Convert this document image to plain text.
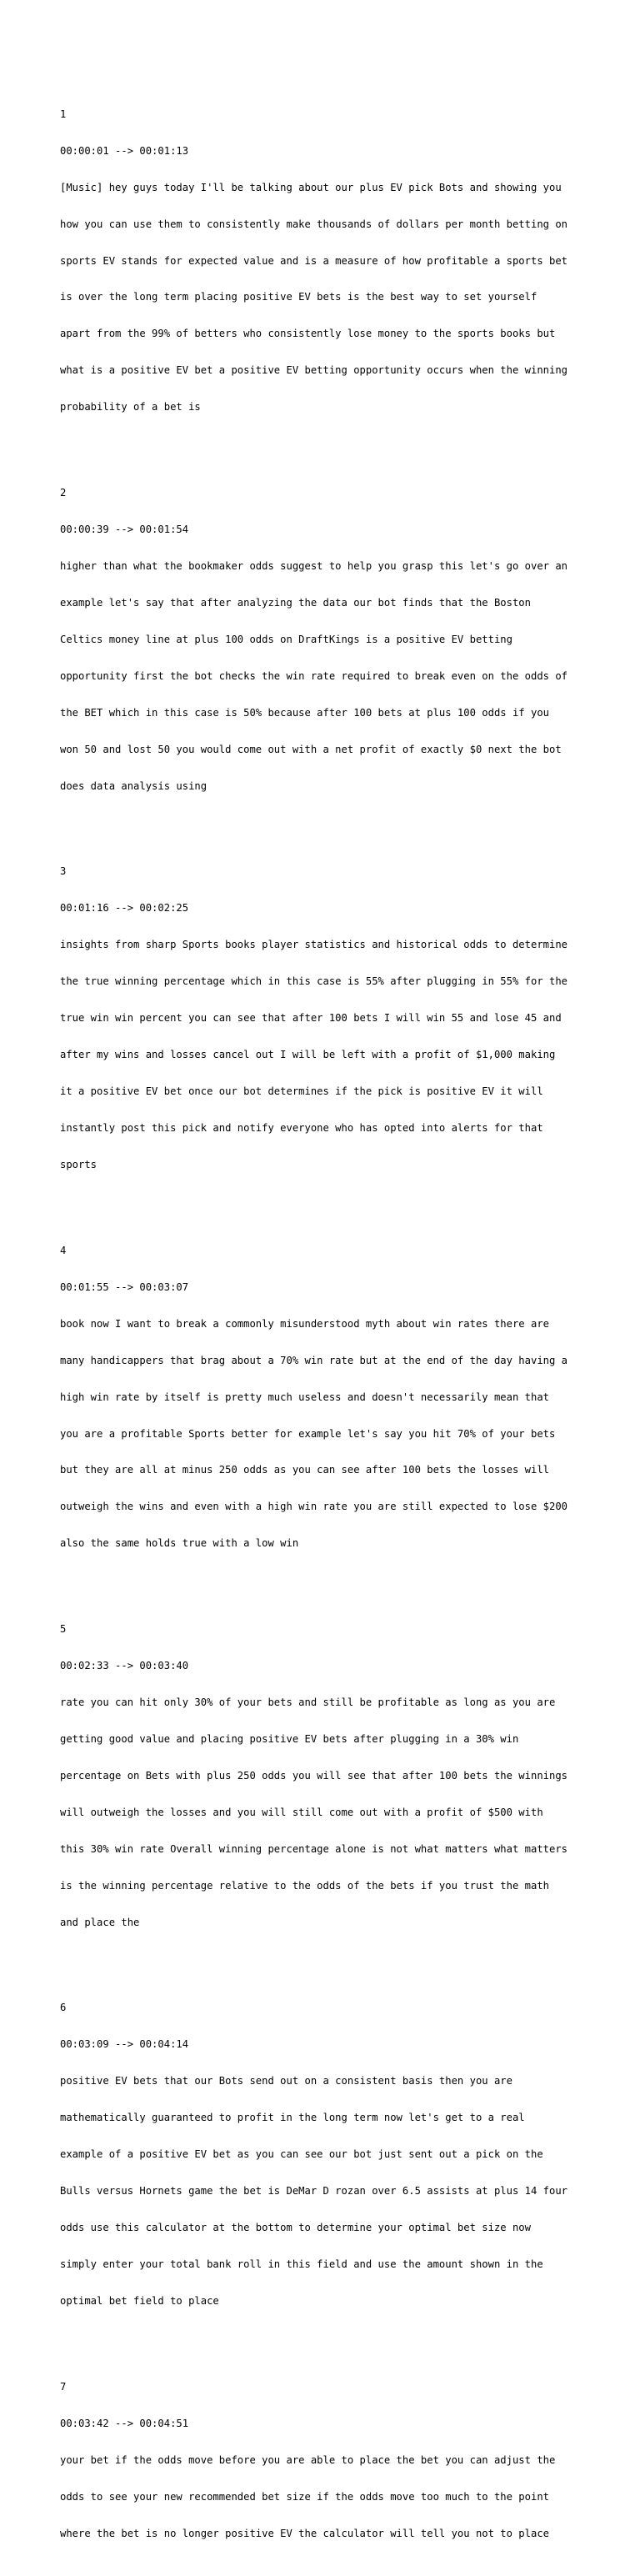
1

00:00:01 --> 00:01:13

[Music] hey guys today I'll be talking about our plus EV pick Bots and showing you

how you can use them to consistently make thousands of dollars per month betting on

sports EV stands for expected value and is a measure of how profitable a sports bet

is over the long term placing positive EV bets is the best way to set yourself

apart from the 99% of betters who consistently lose money to the sports books but

what is a positive EV bet a positive EV betting opportunity occurs when the winning

probability of a bet is

2

00:00:39 --> 00:01:54

higher than what the bookmaker odds suggest to help you grasp this let's go over an

example let's say that after analyzing the data our bot finds that the Boston

Celtics money line at plus 100 odds on DraftKings is a positive EV betting

opportunity first the bot checks the win rate required to break even on the odds of

the BET which in this case is 50% because after 100 bets at plus 100 odds if you

won 50 and lost 50 you would come out with a net profit of exactly $0 next the bot

does data analysis using

3

00:01:16 --> 00:02:25

insights from sharp Sports books player statistics and historical odds to determine

the true winning percentage which in this case is 55% after plugging in 55% for the

true win win percent you can see that after 100 bets I will win 55 and lose 45 and

after my wins and losses cancel out I will be left with a profit of $1,000 making

it a positive EV bet once our bot determines if the pick is positive EV it will

instantly post this pick and notify everyone who has opted into alerts for that

sports

4

00:01:55 --> 00:03:07

book now I want to break a commonly misunderstood myth about win rates there are

many handicappers that brag about a 70% win rate but at the end of the day having a

high win rate by itself is pretty much useless and doesn't necessarily mean that

you are a profitable Sports better for example let's say you hit 70% of your bets

but they are all at minus 250 odds as you can see after 100 bets the losses will

outweigh the wins and even with a high win rate you are still expected to lose $200

also the same holds true with a low win

5

00:02:33 --> 00:03:40

rate you can hit only 30% of your bets and still be profitable as long as you are

getting good value and placing positive EV bets after plugging in a 30% win

percentage on Bets with plus 250 odds you will see that after 100 bets the winnings

will outweigh the losses and you will still come out with a profit of $500 with

this 30% win rate Overall winning percentage alone is not what matters what matters

is the winning percentage relative to the odds of the bets if you trust the math

and place the

6

00:03:09 --> 00:04:14

positive EV bets that our Bots send out on a consistent basis then you are

mathematically guaranteed to profit in the long term now let's get to a real

example of a positive EV bet as you can see our bot just sent out a pick on the

Bulls versus Hornets game the bet is DeMar D rozan over 6.5 assists at plus 14 four

odds use this calculator at the bottom to determine your optimal bet size now

simply enter your total bank roll in this field and use the amount shown in the

optimal bet field to place

7

00:03:42 --> 00:04:51

your bet if the odds move before you are able to place the bet you can adjust the

odds to see your new recommended bet size if the odds move too much to the point

where the bet is no longer positive EV the calculator will tell you not to place
